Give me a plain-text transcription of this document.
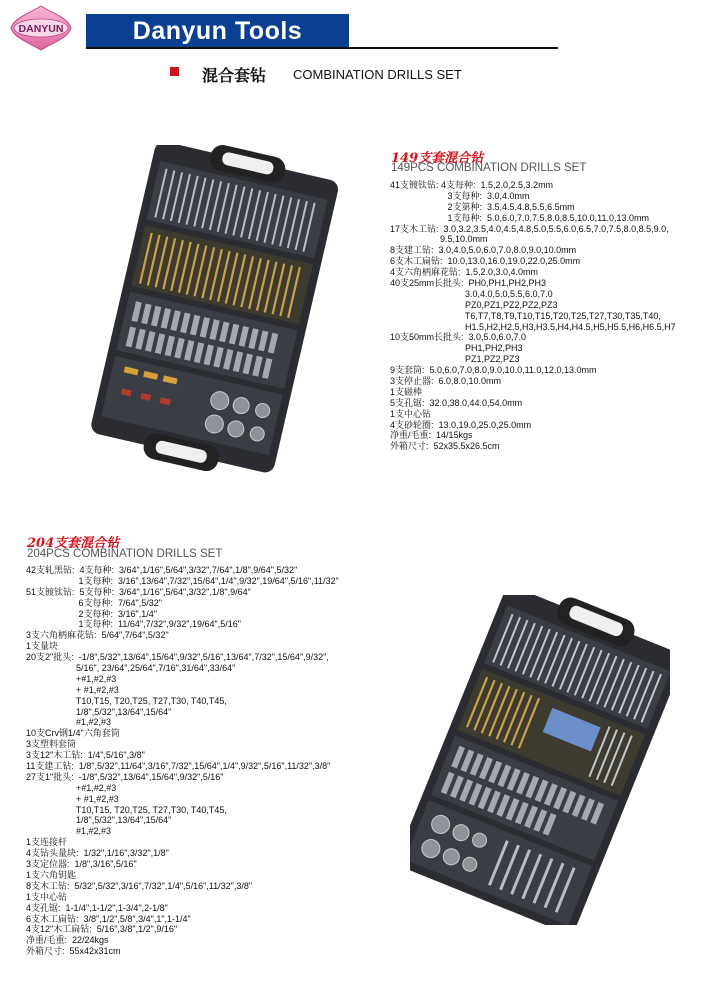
DANYUN	Danyun Tools
混合套钻 COMBINATION DRILLS SET
149支套混合钻
149PCS COMBINATION DRILLS SET
41支镀钛钻: 4支每种:  1.5,2.0,2.5,3.2mm
3支每种:  3.0,4.0mm
2支第种:  3.5,4.5,4.8,5.5,6.5mm
1支每种:  5.0,6.0,7.0,7.5,8.0,8.5,10.0,11.0,13.0mm
17支木工钻:  3.0,3.2,3.5,4.0,4.5,4.8,5.0,5.5,6.0,6.5,7.0,7.5,8.0,8.5,9.0,
9.5,10.0mm
8支建工钻:  3.0,4.0,5.0,6.0,7.0,8.0,9.0,10.0mm
6支木工扁钻:  10.0,13.0,16.0,19.0,22.0,25.0mm
4支六角柄麻花钻:  1.5,2.0,3.0,4.0mm
40支25mm长批头:  PH0,PH1,PH2,PH3
3.0,4.0,5.0,5.5,6.0,7.0
PZ0,PZ1,PZ2,PZ2,PZ3
T6,T7,T8,T9,T10,T15,T20,T25,T27,T30,T35,T40,
H1.5,H2,H2.5,H3,H3.5,H4,H4.5,H5,H5.5,H6,H6.5,H7
10支50mm长批头:  3.0,5.0,6.0,7.0
PH1,PH2,PH3
PZ1,PZ2,PZ3
9支套筒:  5.0,6.0,7.0,8.0,9.0,10.0,11.0,12.0,13.0mm
3支停止器:  6.0,8.0,10.0mm
1支磁棒
5支孔锯:  32.0,38.0,44.0,54.0mm
1支中心钻
4支砂轮圈:  13.0,19.0,25.0,25.0mm
净重/毛重:  14/15kgs
外箱尺寸:  52x35.5x26.5cm
204支套混合钻
204PCS COMBINATION DRILLS SET
42支轧黑钻:  4支每种:  3/64",1/16",5/64",3/32",7/64",1/8",9/64",5/32"
1支每种:  3/16",13/64",7/32",15/64",1/4",9/32",19/64",5/16",11/32"
51支镀钛钻:  5支每种:  3/64",1/16",5/64",3/32",1/8",9/64"
6支每种:  7/64",5/32"
2支每种:  3/16",1/4"
1支每种:  11/64",7/32",9/32",19/64",5/16"
3支六角柄麻花钻:  5/64",7/64",5/32"
1支量块
20支2"批头:  -1/8",5/32",13/64",15/64",9/32",5/16",13/64",7/32",15/64",9/32",
5/16", 23/64",25/64",7/16",31/64",33/64"
+#1,#2,#3
+ #1,#2,#3
T10,T15, T20,T25, T27,T30, T40,T45,
1/8",5/32",13/64",15/64"
#1,#2,#3
10支Crv钢1/4"六角套筒
3支塑料套筒
3支12"木工钻:  1/4",5/16",3/8"
11支建工钻:  1/8",5/32",11/64",3/16",7/32",15/64",1/4",9/32",5/16",11/32",3/8"
27支1"批头:  -1/8",5/32",13/64",15/64",9/32",5/16"
+#1,#2,#3
+ #1,#2,#3
T10,T15, T20,T25, T27,T30, T40,T45,
1/8",5/32",13/64",15/64"
#1,#2,#3
1支连接杆
4支钻头量块:  1/32",1/16",3/32",1/8"
3支定位器:  1/8",3/16",5/16"
1支六角钥匙
8支木工钻:  5/32",5/32",3/16",7/32",1/4",5/16",11/32",3/8"
1支中心钻
4支孔锯:  1-1/4",1-1/2",1-3/4",2-1/8"
6支木工扁钻:  3/8",1/2",5/8",3/4",1",1-1/4"
4支12"木工扁钻:  5/16",3/8",1/2",9/16"
净重/毛重:  22/24kgs
外箱尺寸:  55x42x31cm
